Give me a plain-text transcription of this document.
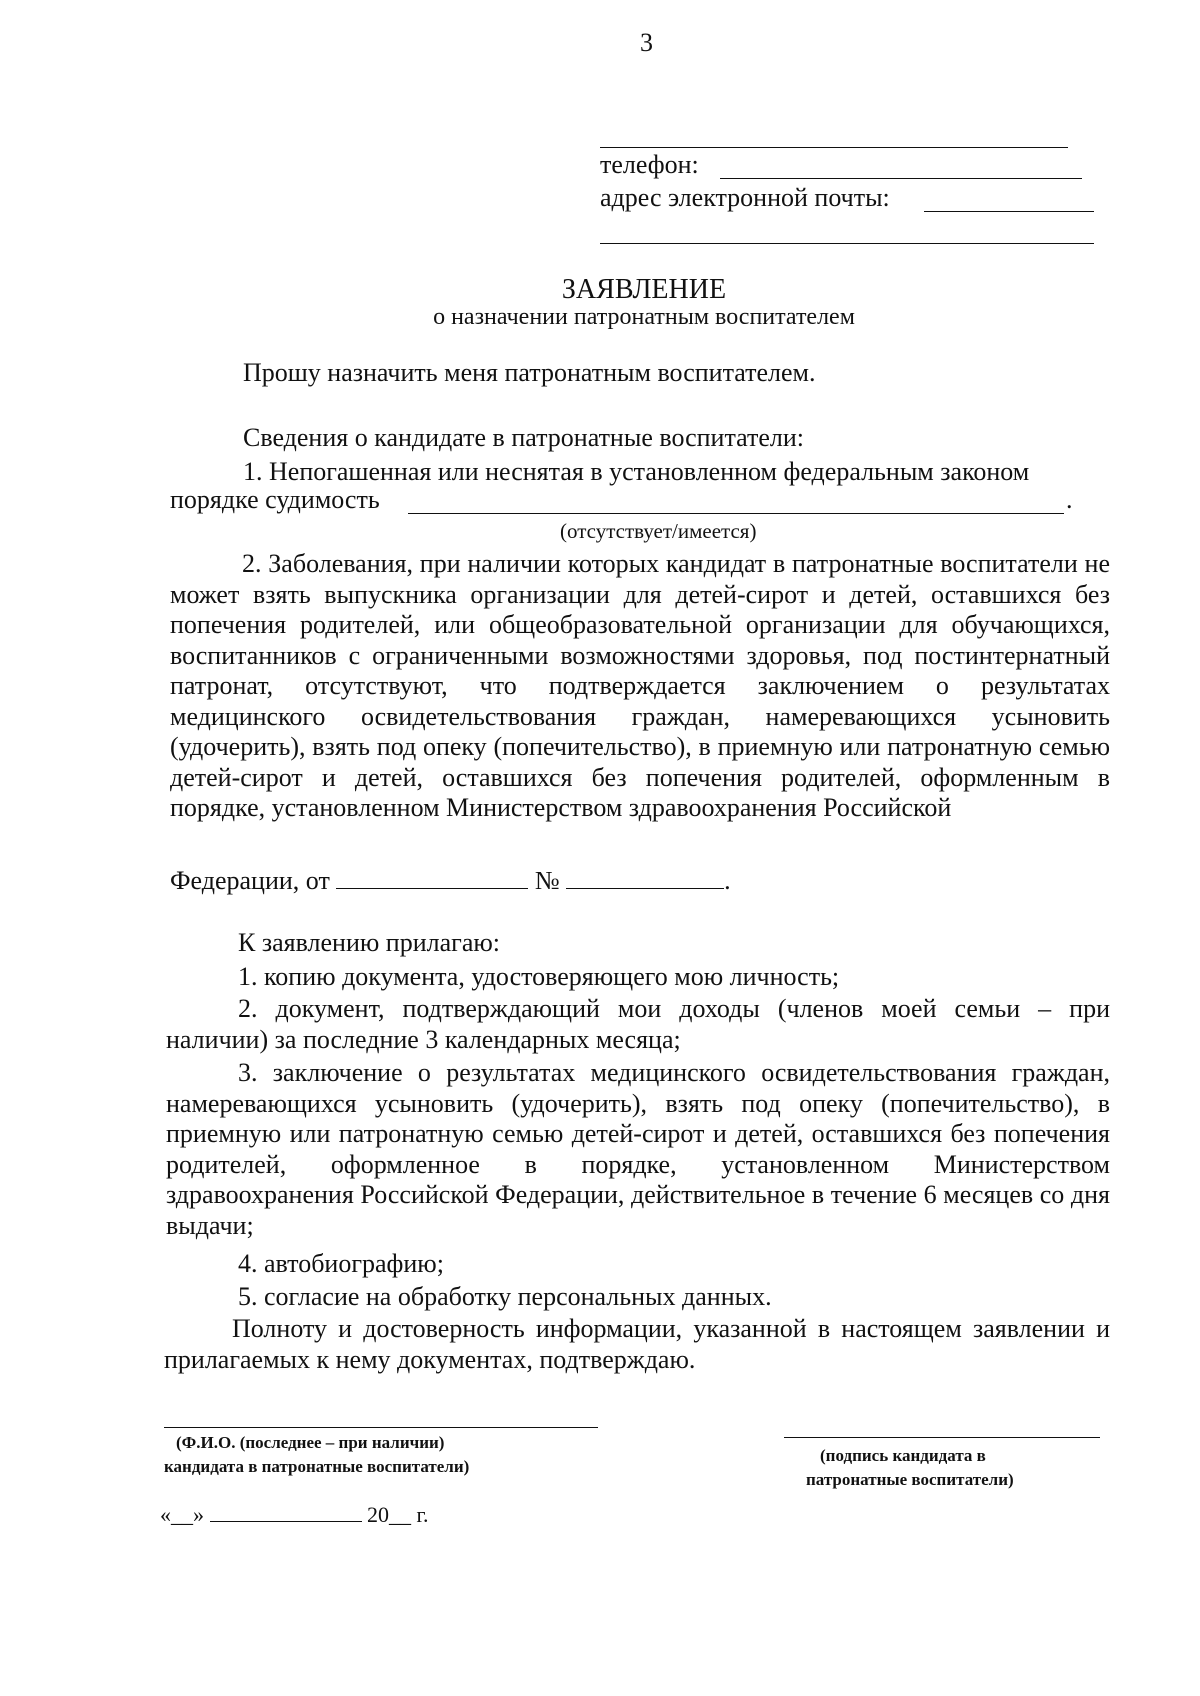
3
телефон:
адрес электронной почты:
ЗАЯВЛЕНИЕ
о назначении патронатным воспитателем
Прошу назначить меня патронатным воспитателем.
Сведения о кандидате в патронатные воспитатели:
1. Непогашенная или неснятая в установленном федеральным законом
порядке судимость	.
(отсутствует/имеется)
2. Заболевания, при наличии которых кандидат в патронатные воспитатели не может взять выпускника организации для детей-сирот и детей, оставшихся без попечения родителей, или общеобразовательной организации для обучающихся, воспитанников с ограниченными возможностями здоровья, под постинтернатный патронат, отсутствуют, что подтверждается заключением о результатах медицинского освидетельствования граждан, намеревающихся усыновить (удочерить), взять под опеку (попечительство), в приемную или патронатную семью детей-сирот и детей, оставшихся без попечения родителей, оформленным в порядке, установленном Министерством здравоохранения Российской
Федерации, от	№	.
К заявлению прилагаю:
1. копию документа, удостоверяющего мою личность;
2. документ, подтверждающий мои доходы (членов моей семьи – при наличии) за последние 3 календарных месяца;
3. заключение о результатах медицинского освидетельствования граждан, намеревающихся усыновить (удочерить), взять под опеку (попечительство), в приемную или патронатную семью детей-сирот и детей, оставшихся без попечения родителей, оформленное в порядке, установленном Министерством здравоохранения Российской Федерации, действительное в течение 6 месяцев со дня выдачи;
4. автобиографию;
5. согласие на обработку персональных данных.
Полноту и достоверность информации, указанной в настоящем заявлении и прилагаемых к нему документах, подтверждаю.
(Ф.И.О. (последнее – при наличии)
кандидата в патронатные воспитатели)
(подпись кандидата в
патронатные воспитатели)
«__»	20__ г.
